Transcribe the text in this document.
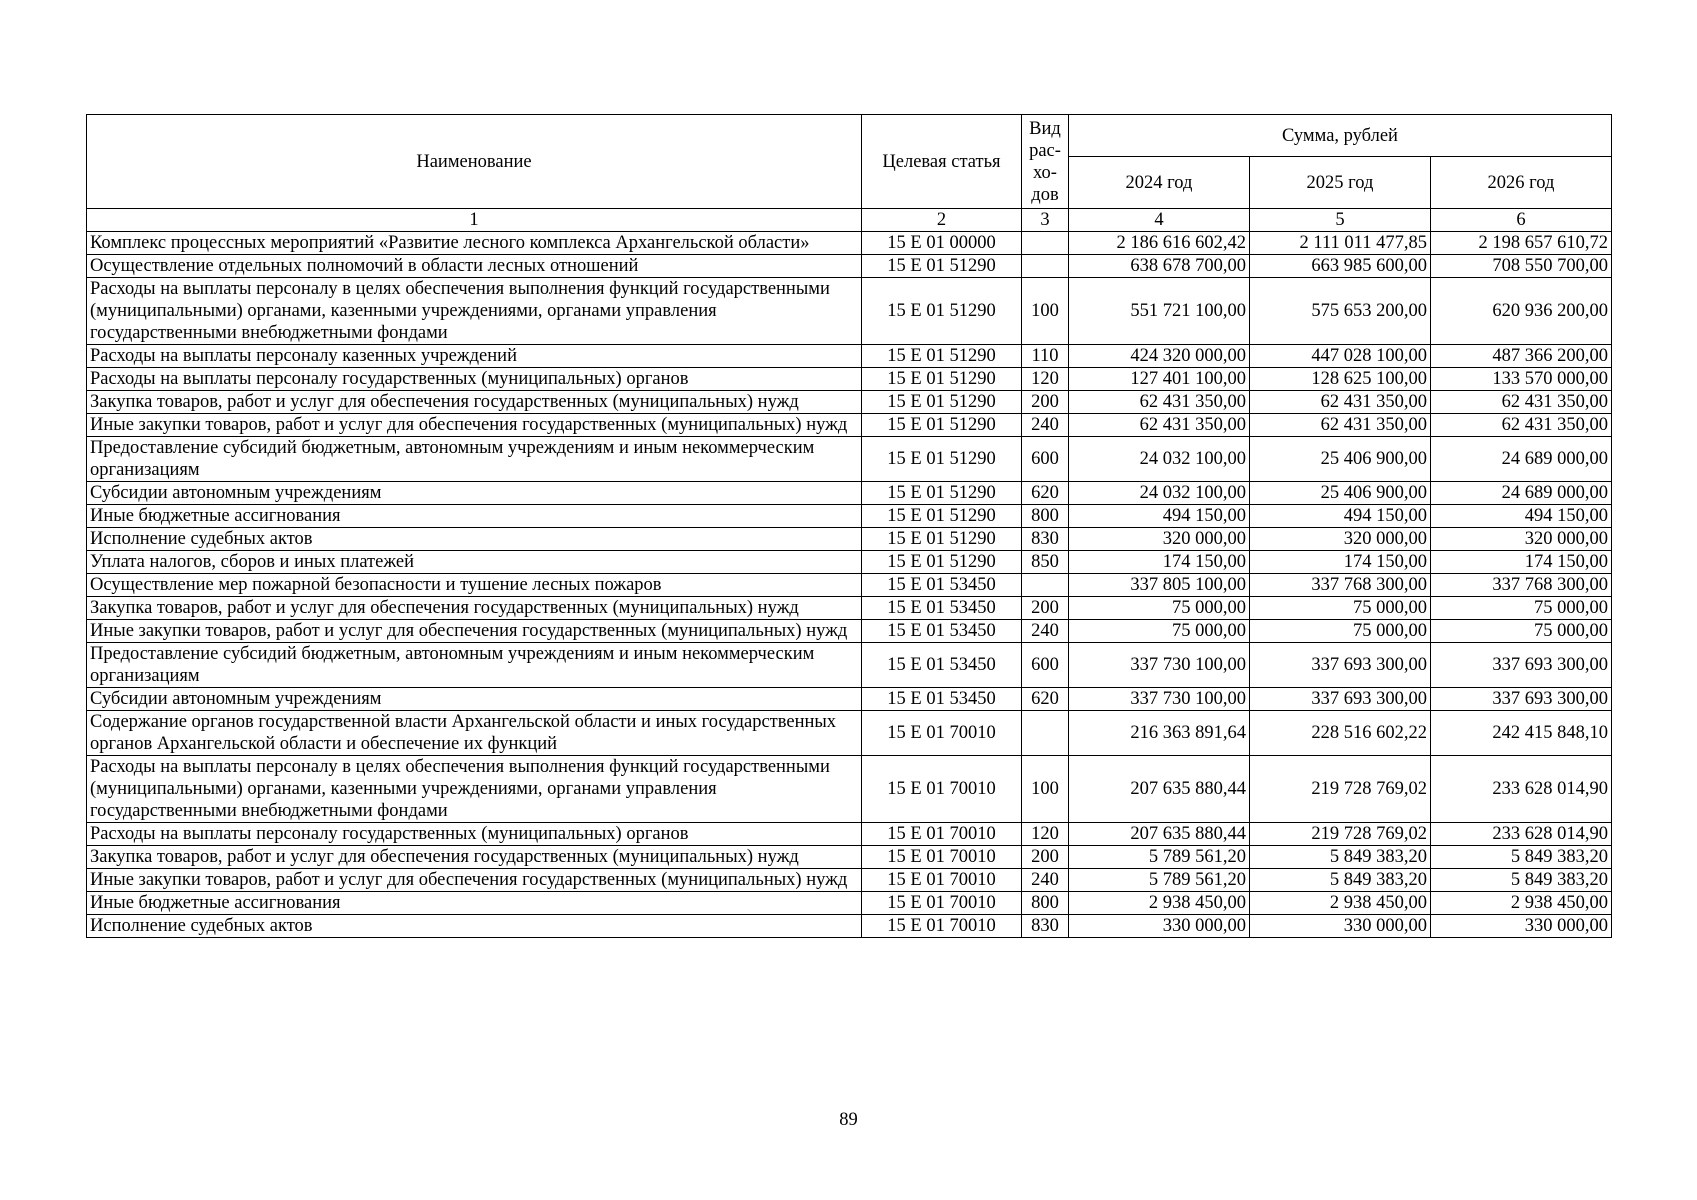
Наименование	Целевая статья	Вид рас-хо-дов	Сумма, рублей		
			2024 год	2025 год	2026 год
1	2	3	4	5	6
Комплекс процессных мероприятий «Развитие лесного комплекса Архангельской области»	15 Е 01 00000		2 186 616 602,42	2 111 011 477,85	2 198 657 610,72
Осуществление отдельных полномочий в области лесных отношений	15 Е 01 51290		638 678 700,00	663 985 600,00	708 550 700,00
Расходы на выплаты персоналу в целях обеспечения выполнения функций государственными (муниципальными) органами, казенными учреждениями, органами управления государственными внебюджетными фондами	15 Е 01 51290	100	551 721 100,00	575 653 200,00	620 936 200,00
Расходы на выплаты персоналу казенных учреждений	15 Е 01 51290	110	424 320 000,00	447 028 100,00	487 366 200,00
Расходы на выплаты персоналу государственных (муниципальных) органов	15 Е 01 51290	120	127 401 100,00	128 625 100,00	133 570 000,00
Закупка товаров, работ и услуг для обеспечения государственных (муниципальных) нужд	15 Е 01 51290	200	62 431 350,00	62 431 350,00	62 431 350,00
Иные закупки товаров, работ и услуг для обеспечения государственных (муниципальных) нужд	15 Е 01 51290	240	62 431 350,00	62 431 350,00	62 431 350,00
Предоставление субсидий бюджетным, автономным учреждениям и иным некоммерческим организациям	15 Е 01 51290	600	24 032 100,00	25 406 900,00	24 689 000,00
Субсидии автономным учреждениям	15 Е 01 51290	620	24 032 100,00	25 406 900,00	24 689 000,00
Иные бюджетные ассигнования	15 Е 01 51290	800	494 150,00	494 150,00	494 150,00
Исполнение судебных актов	15 Е 01 51290	830	320 000,00	320 000,00	320 000,00
Уплата налогов, сборов и иных платежей	15 Е 01 51290	850	174 150,00	174 150,00	174 150,00
Осуществление мер пожарной безопасности и тушение лесных пожаров	15 Е 01 53450		337 805 100,00	337 768 300,00	337 768 300,00
Закупка товаров, работ и услуг для обеспечения государственных (муниципальных) нужд	15 Е 01 53450	200	75 000,00	75 000,00	75 000,00
Иные закупки товаров, работ и услуг для обеспечения государственных (муниципальных) нужд	15 Е 01 53450	240	75 000,00	75 000,00	75 000,00
Предоставление субсидий бюджетным, автономным учреждениям и иным некоммерческим организациям	15 Е 01 53450	600	337 730 100,00	337 693 300,00	337 693 300,00
Субсидии автономным учреждениям	15 Е 01 53450	620	337 730 100,00	337 693 300,00	337 693 300,00
Содержание органов государственной власти Архангельской области и иных государственных органов Архангельской области и обеспечение их функций	15 Е 01 70010		216 363 891,64	228 516 602,22	242 415 848,10
Расходы на выплаты персоналу в целях обеспечения выполнения функций государственными (муниципальными) органами, казенными учреждениями, органами управления государственными внебюджетными фондами	15 Е 01 70010	100	207 635 880,44	219 728 769,02	233 628 014,90
Расходы на выплаты персоналу государственных (муниципальных) органов	15 Е 01 70010	120	207 635 880,44	219 728 769,02	233 628 014,90
Закупка товаров, работ и услуг для обеспечения государственных (муниципальных) нужд	15 Е 01 70010	200	5 789 561,20	5 849 383,20	5 849 383,20
Иные закупки товаров, работ и услуг для обеспечения государственных (муниципальных) нужд	15 Е 01 70010	240	5 789 561,20	5 849 383,20	5 849 383,20
Иные бюджетные ассигнования	15 Е 01 70010	800	2 938 450,00	2 938 450,00	2 938 450,00
Исполнение судебных актов	15 Е 01 70010	830	330 000,00	330 000,00	330 000,00
89
